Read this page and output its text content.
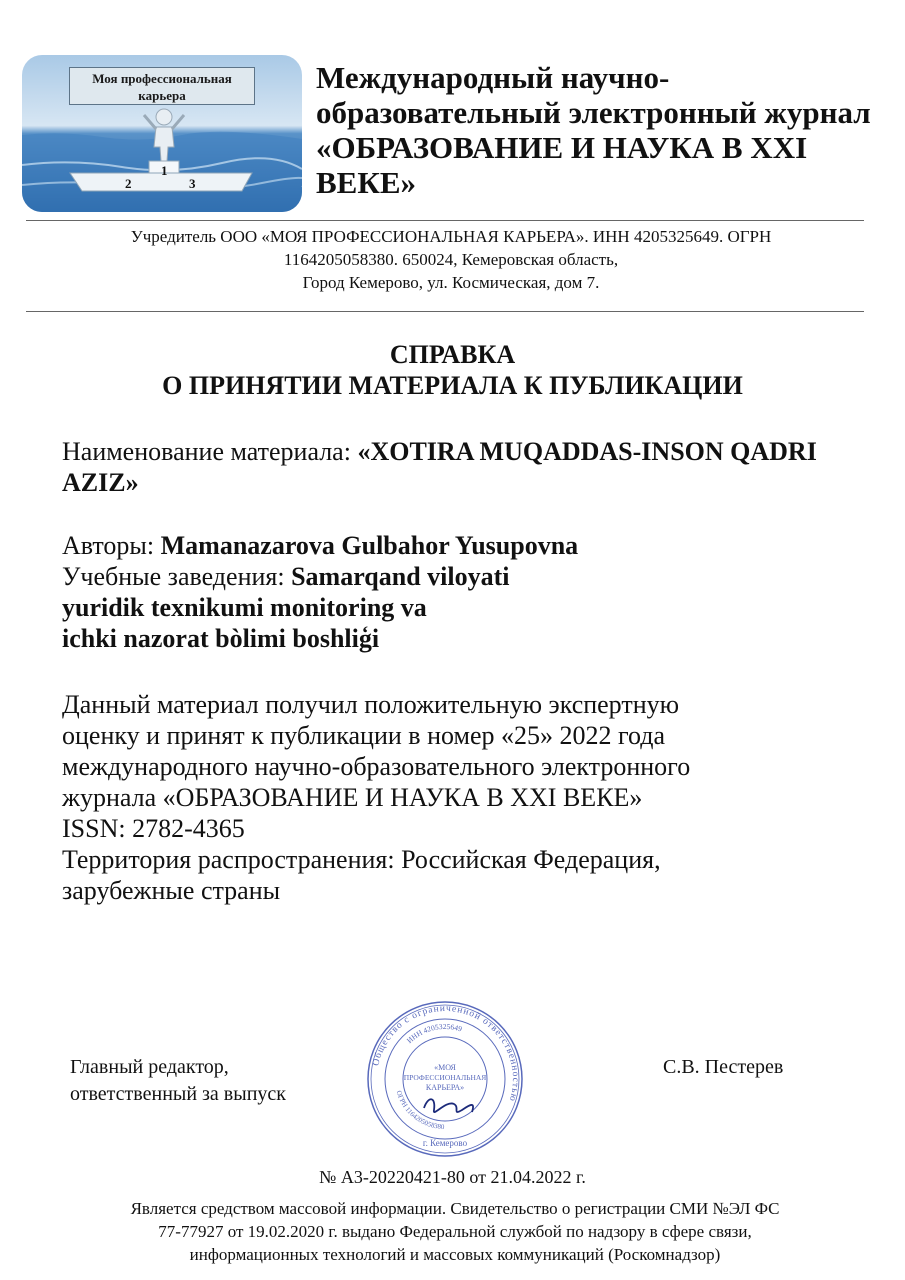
Моя профессиональная карьера
1
2	3
Международный научно-образовательный электронный журнал «ОБРАЗОВАНИЕ И НАУКА В XXI ВЕКЕ»
Учредитель ООО «МОЯ ПРОФЕССИОНАЛЬНАЯ КАРЬЕРА». ИНН 4205325649. ОГРН
1164205058380. 650024, Кемеровская область,
Город Кемерово, ул. Космическая, дом 7.
СПРАВКА
О ПРИНЯТИИ МАТЕРИАЛА К ПУБЛИКАЦИИ
Наименование материала: «XOTIRA MUQADDAS-INSON QADRI AZIZ»
Авторы: Mamanazarova Gulbahor Yusupovna
Учебные заведения: Samarqand viloyati
yuridik texnikumi monitoring va
ichki nazorat bòlimi boshliģi
Данный материал получил положительную экспертную
оценку и принят к публикации в номер «25» 2022 года
международного научно-образовательного электронного
журнала «ОБРАЗОВАНИЕ И НАУКА В XXI ВЕКЕ»
ISSN: 2782-4365
Территория распространения: Российская Федерация,
зарубежные страны
Главный редактор,
ответственный за выпуск
Общество с ограниченной ответственностью
ИНН 4205325649
ОГРН 1164205058380
«МОЯ
ПРОФЕССИОНАЛЬНАЯ
КАРЬЕРА»
г. Кемерово
С.В. Пестерев
№ А3-20220421-80 от 21.04.2022 г.
Является средством массовой информации. Свидетельство о регистрации СМИ №ЭЛ ФС
77-77927 от 19.02.2020 г. выдано Федеральной службой по надзору в сфере связи,
информационных технологий и массовых коммуникаций (Роскомнадзор)
